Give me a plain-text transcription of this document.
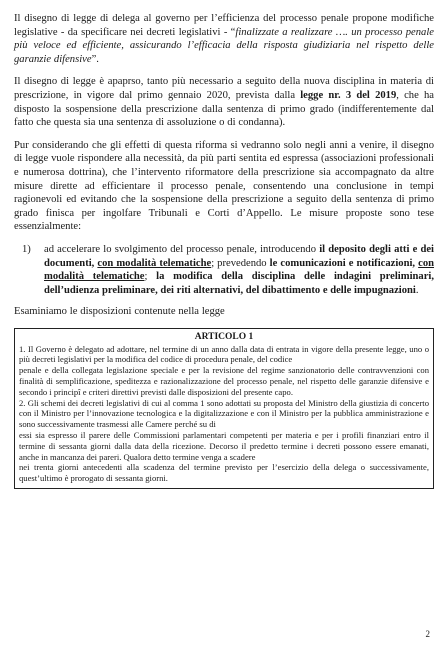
Il disegno di legge di delega al governo per l’efficienza del processo penale propone modifiche legislative - da specificare nei decreti legislativi - “finalizzate a realizzare …. un processo penale più veloce ed efficiente, assicurando l’efficacia della risposta giudiziaria nel rispetto delle garanzie difensive”.

Il disegno di legge è apaprso, tanto più necessario a seguito della nuova disciplina in materia di prescrizione, in vigore dal primo gennaio 2020, prevista dalla legge nr. 3 del 2019, che ha disposto la sospensione della prescrizione dalla sentenza di primo grado (indifferentemente dal fatto che questa sia una sentenza di assoluzione o di condanna).

Pur considerando che gli effetti di questa riforma si vedranno solo negli anni a venire, il disegno di legge vuole rispondere alla necessità, da più parti sentita ed espressa (associazioni professionali e numerosa dottrina), che l’intervento riformatore della prescrizione sia accompagnato da altre misure dirette ad efficientare il processo penale, consentendo una conclusione in tempi ragionevoli ed evitando che la sospensione della prescrizione a seguito della sentenza di primo grado finisca per ingolfare Tribunali e Corti d’Appello. Le misure proposte sono tese essenzialmente:

1)	ad accelerare lo svolgimento del processo penale, introducendo il deposito degli atti e dei documenti, con modalità telematiche; prevedendo le comunicazioni e notificazioni, con modalità telematiche; la modifica della disciplina delle indagini preliminari, dell’udienza preliminare, dei riti alternativi, del dibattimento e delle impugnazioni.

Esaminiamo le disposizioni contenute nella legge

ARTICOLO 1

1. Il Governo è delegato ad adottare, nel termine di un anno dalla data di entrata in vigore della presente legge, uno o più decreti legislativi per la modifica del codice di procedura penale, del codice

penale e della collegata legislazione speciale e per la revisione del regime sanzionatorio delle contravvenzioni con finalità di semplificazione, speditezza e razionalizzazione del processo penale, nel rispetto delle garanzie difensive e secondo i principî e criteri direttivi previsti dalle disposizioni del presente capo.

2. Gli schemi dei decreti legislativi di cui al comma 1 sono adottati su proposta del Ministro della giustizia di concerto con il Ministro per l’innovazione tecnologica e la digitalizzazione e con il Ministro per la pubblica amministrazione e sono successivamente trasmessi alle Camere perché su di

essi sia espresso il parere delle Commissioni parlamentari competenti per materia e per i profili finanziari entro il termine di sessanta giorni dalla data della ricezione. Decorso il predetto termine i decreti possono essere emanati, anche in mancanza dei pareri. Qualora detto termine venga a scadere

nei trenta giorni antecedenti alla scadenza del termine previsto per l’esercizio della delega o successivamente, quest’ultimo è prorogato di sessanta giorni.

2
